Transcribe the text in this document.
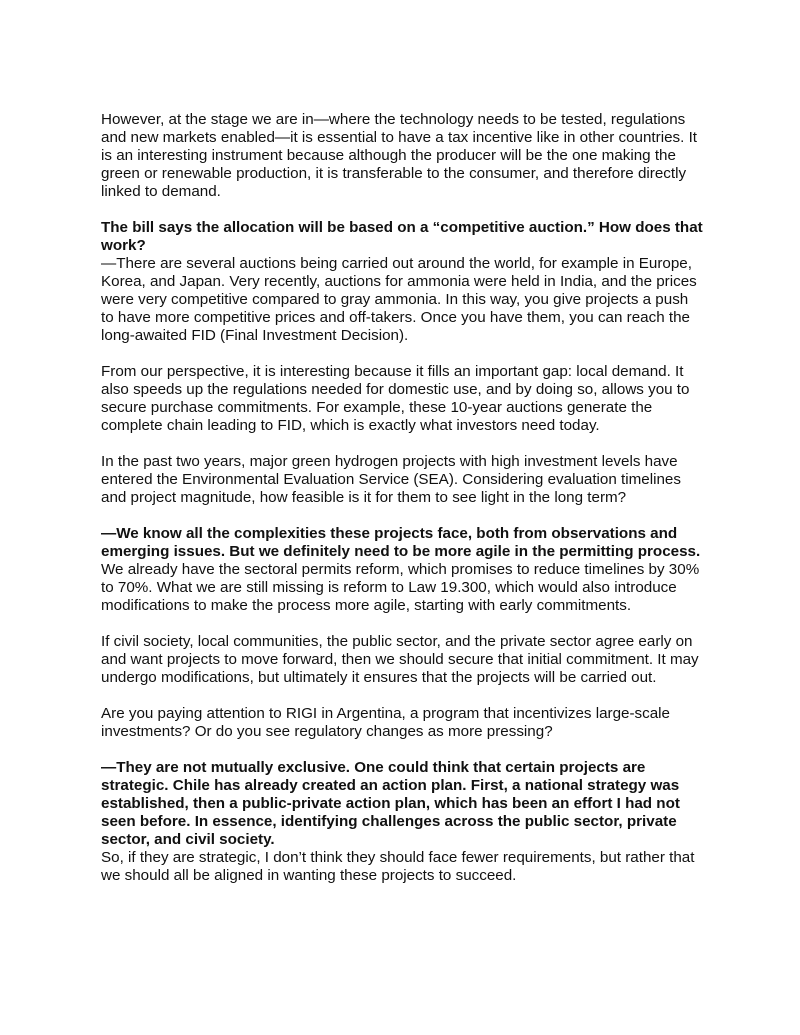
However, at the stage we are in—where the technology needs to be tested, regulations and new markets enabled—it is essential to have a tax incentive like in other countries. It is an interesting instrument because although the producer will be the one making the green or renewable production, it is transferable to the consumer, and therefore directly linked to demand.

The bill says the allocation will be based on a “competitive auction.” How does that work?

—There are several auctions being carried out around the world, for example in Europe, Korea, and Japan. Very recently, auctions for ammonia were held in India, and the prices were very competitive compared to gray ammonia. In this way, you give projects a push to have more competitive prices and off-takers. Once you have them, you can reach the long-awaited FID (Final Investment Decision).

From our perspective, it is interesting because it fills an important gap: local demand. It also speeds up the regulations needed for domestic use, and by doing so, allows you to secure purchase commitments. For example, these 10-year auctions generate the complete chain leading to FID, which is exactly what investors need today.

In the past two years, major green hydrogen projects with high investment levels have entered the Environmental Evaluation Service (SEA). Considering evaluation timelines and project magnitude, how feasible is it for them to see light in the long term?

—We know all the complexities these projects face, both from observations and emerging issues. But we definitely need to be more agile in the permitting process.

We already have the sectoral permits reform, which promises to reduce timelines by 30% to 70%. What we are still missing is reform to Law 19.300, which would also introduce modifications to make the process more agile, starting with early commitments.

If civil society, local communities, the public sector, and the private sector agree early on and want projects to move forward, then we should secure that initial commitment. It may undergo modifications, but ultimately it ensures that the projects will be carried out.

Are you paying attention to RIGI in Argentina, a program that incentivizes large-scale investments? Or do you see regulatory changes as more pressing?

—They are not mutually exclusive. One could think that certain projects are strategic. Chile has already created an action plan. First, a national strategy was established, then a public-private action plan, which has been an effort I had not seen before. In essence, identifying challenges across the public sector, private sector, and civil society.

So, if they are strategic, I don’t think they should face fewer requirements, but rather that we should all be aligned in wanting these projects to succeed.
